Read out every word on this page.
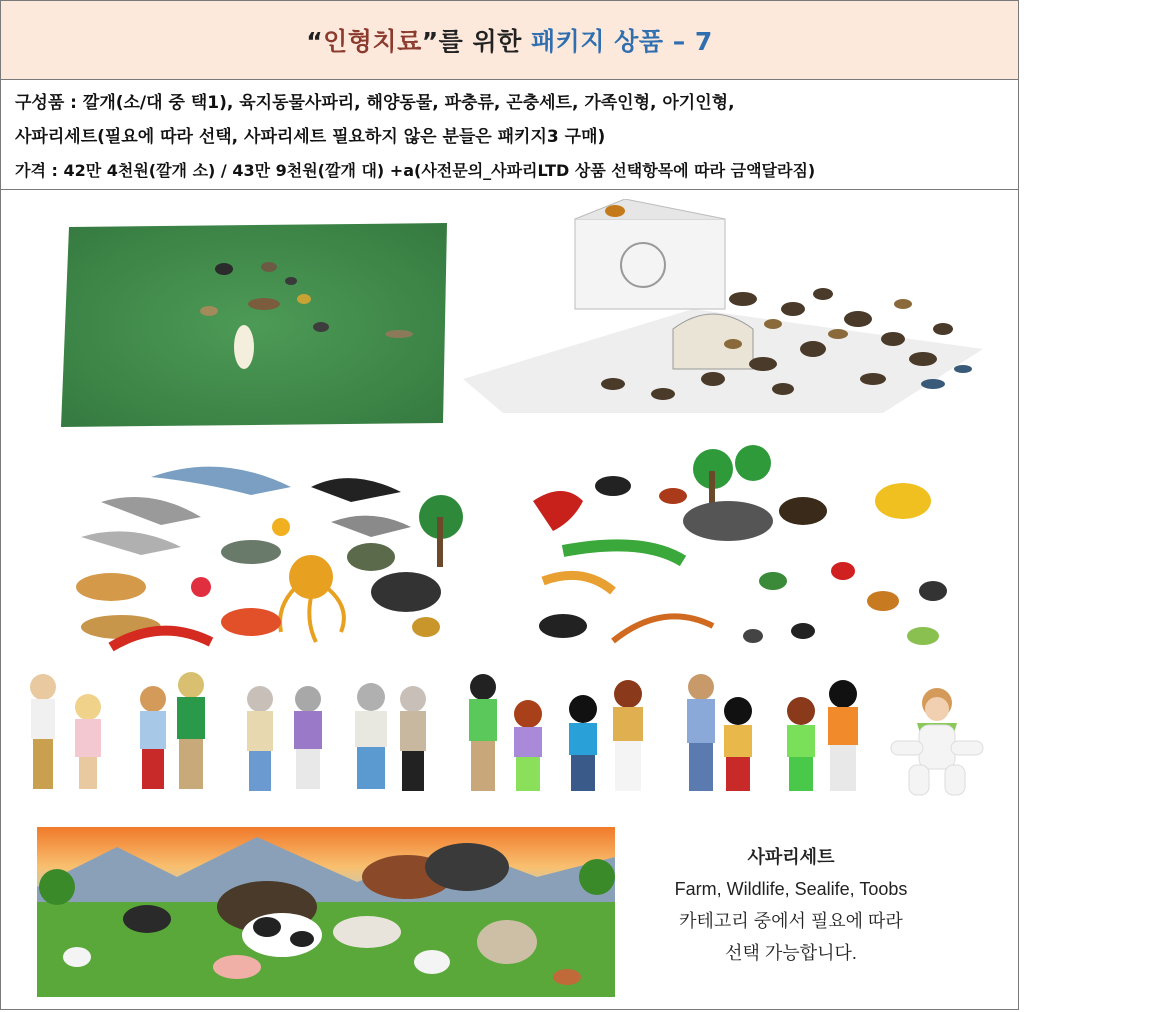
“인형치료”를 위한 패키지 상품 – 7
구성품 : 깔개(소/대 중 택1), 육지동물사파리, 해양동물, 파충류, 곤충세트, 가족인형, 아기인형,
사파리세트(필요에 따라 선택, 사파리세트 필요하지 않은 분들은 패키지3 구매)
가격 : 42만 4천원(깔개 소) / 43만 9천원(깔개 대) +a(사전문의_사파리LTD 상품 선택항목에 따라 금액달라짐)
사파리세트
Farm, Wildlife, Sealife, Toobs
카테고리 중에서 필요에 따라
선택 가능합니다.
